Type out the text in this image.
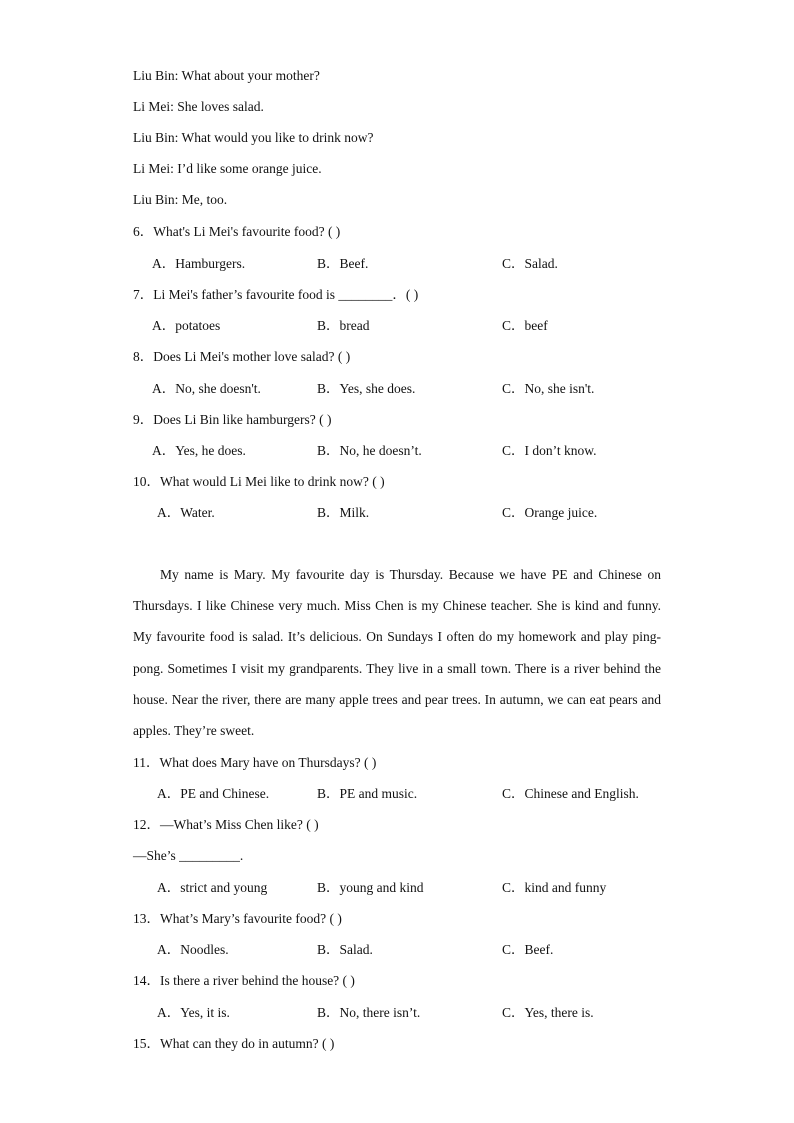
Liu Bin: What about your mother?
Li Mei: She loves salad.
Liu Bin: What would you like to drink now?
Li Mei: I’d like some orange juice.
Liu Bin: Me, too.
6．What's Li Mei's favourite food? ( )
A．Hamburgers.	B．Beef.	C．Salad.
7．Li Mei's father’s favourite food is ________．( )
A．potatoes	B．bread	C．beef
8．Does Li Mei's mother love salad? ( )
A．No, she doesn't.	B．Yes, she does.	C．No, she isn't.
9．Does Li Bin like hamburgers? ( )
A．Yes, he does.	B．No, he doesn’t.	C．I don’t know.
10．What would Li Mei like to drink now? ( )
A．Water.	B．Milk.	C．Orange juice.

My name is Mary. My favourite day is Thursday. Because we have PE and Chinese on Thursdays. I like Chinese very much. Miss Chen is my Chinese teacher. She is kind and funny. My favourite food is salad. It’s delicious. On Sundays I often do my homework and play ping-pong. Sometimes I visit my grandparents. They live in a small town. There is a river behind the house. Near the river, there are many apple trees and pear trees. In autumn, we can eat pears and apples. They’re sweet.

11．What does Mary have on Thursdays? ( )
A．PE and Chinese.	B．PE and music.	C．Chinese and English.
12．—What’s Miss Chen like? ( )
—She’s _________.
A．strict and young	B．young and kind	C．kind and funny
13．What’s Mary’s favourite food? ( )
A．Noodles.	B．Salad.	C．Beef.
14．Is there a river behind the house? ( )
A．Yes, it is.	B．No, there isn’t.	C．Yes, there is.
15．What can they do in autumn? ( )
